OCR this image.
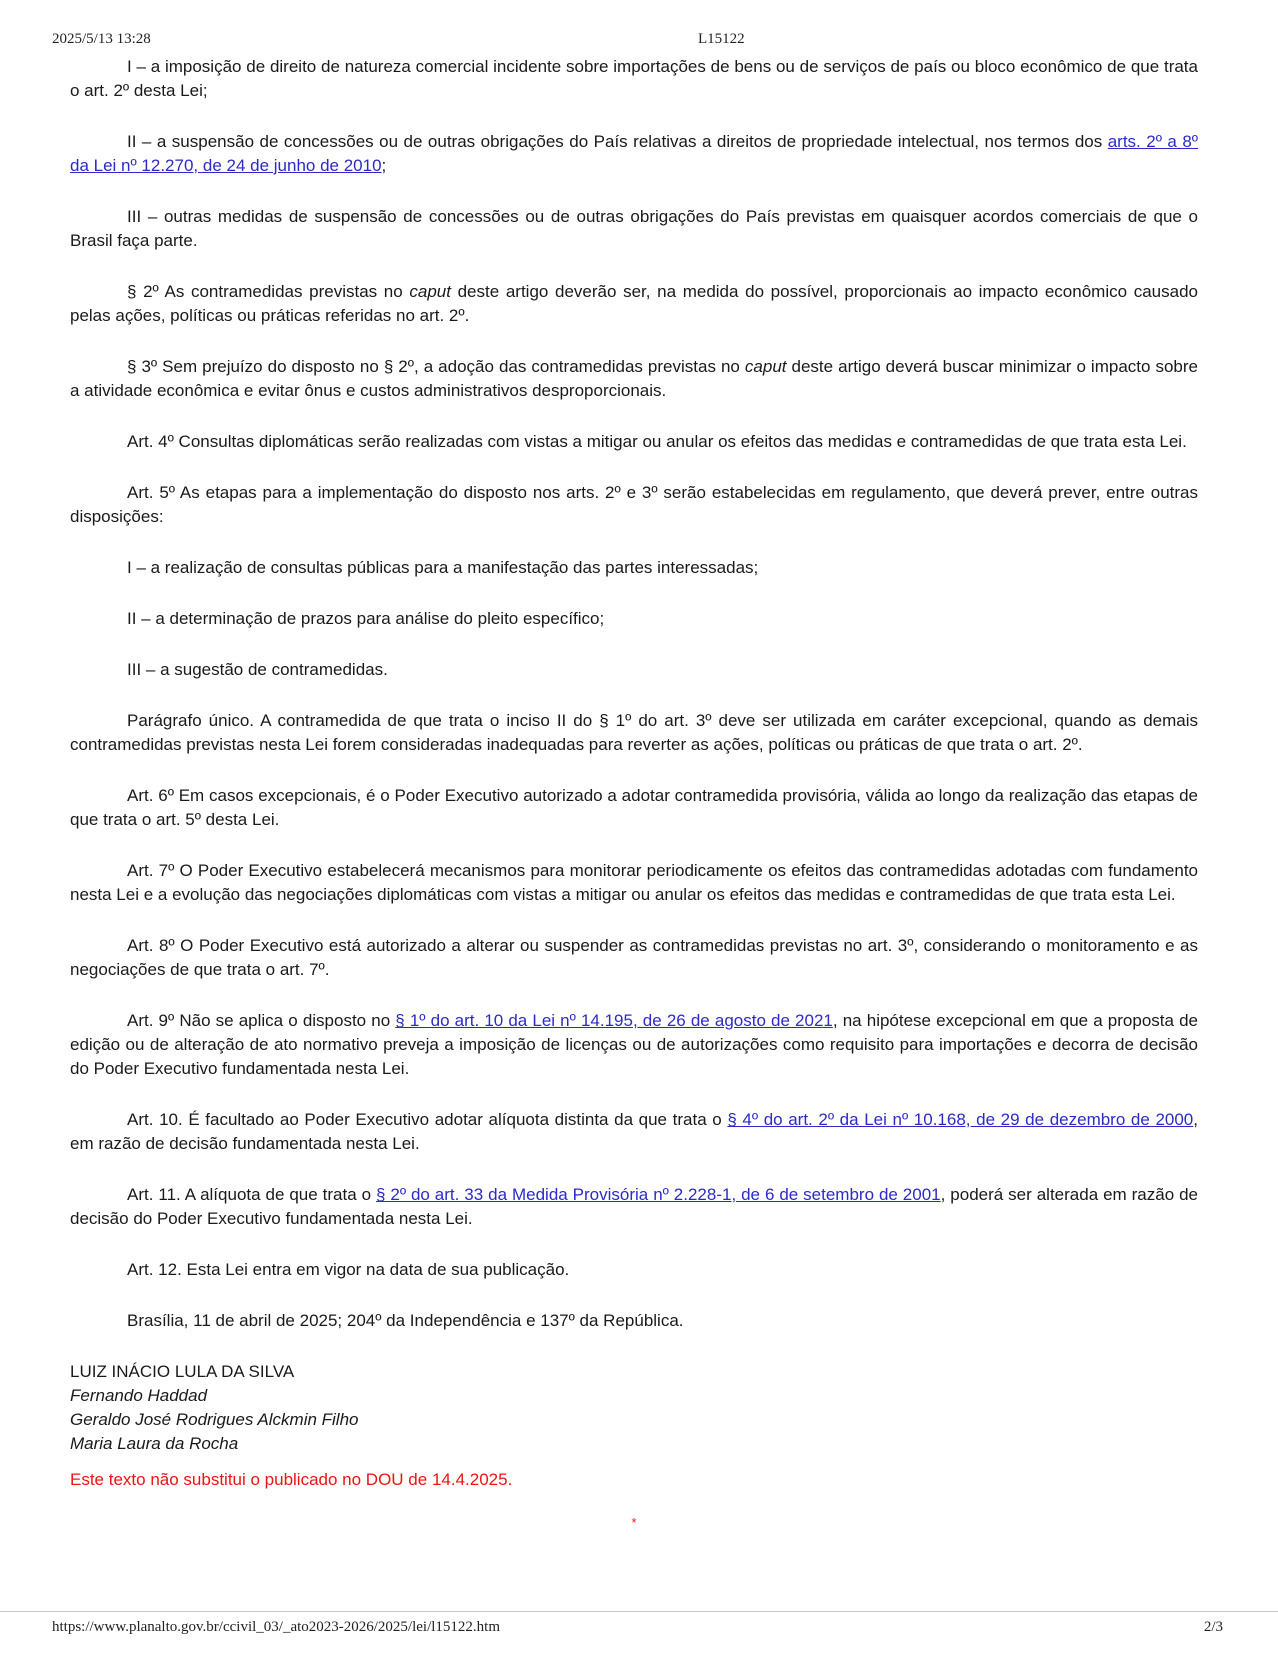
2025/5/13 13:28	L15122

I – a imposição de direito de natureza comercial incidente sobre importações de bens ou de serviços de país ou bloco econômico de que trata o art. 2º desta Lei;

II – a suspensão de concessões ou de outras obrigações do País relativas a direitos de propriedade intelectual, nos termos dos arts. 2º a 8º da Lei nº 12.270, de 24 de junho de 2010;

III – outras medidas de suspensão de concessões ou de outras obrigações do País previstas em quaisquer acordos comerciais de que o Brasil faça parte.

§ 2º As contramedidas previstas no caput deste artigo deverão ser, na medida do possível, proporcionais ao impacto econômico causado pelas ações, políticas ou práticas referidas no art. 2º.

§ 3º Sem prejuízo do disposto no § 2º, a adoção das contramedidas previstas no caput deste artigo deverá buscar minimizar o impacto sobre a atividade econômica e evitar ônus e custos administrativos desproporcionais.

Art. 4º Consultas diplomáticas serão realizadas com vistas a mitigar ou anular os efeitos das medidas e contramedidas de que trata esta Lei.

Art. 5º As etapas para a implementação do disposto nos arts. 2º e 3º serão estabelecidas em regulamento, que deverá prever, entre outras disposições:

I – a realização de consultas públicas para a manifestação das partes interessadas;

II – a determinação de prazos para análise do pleito específico;

III – a sugestão de contramedidas.

Parágrafo único. A contramedida de que trata o inciso II do § 1º do art. 3º deve ser utilizada em caráter excepcional, quando as demais contramedidas previstas nesta Lei forem consideradas inadequadas para reverter as ações, políticas ou práticas de que trata o art. 2º.

Art. 6º Em casos excepcionais, é o Poder Executivo autorizado a adotar contramedida provisória, válida ao longo da realização das etapas de que trata o art. 5º desta Lei.

Art. 7º O Poder Executivo estabelecerá mecanismos para monitorar periodicamente os efeitos das contramedidas adotadas com fundamento nesta Lei e a evolução das negociações diplomáticas com vistas a mitigar ou anular os efeitos das medidas e contramedidas de que trata esta Lei.

Art. 8º O Poder Executivo está autorizado a alterar ou suspender as contramedidas previstas no art. 3º, considerando o monitoramento e as negociações de que trata o art. 7º.

Art. 9º Não se aplica o disposto no § 1º do art. 10 da Lei nº 14.195, de 26 de agosto de 2021, na hipótese excepcional em que a proposta de edição ou de alteração de ato normativo preveja a imposição de licenças ou de autorizações como requisito para importações e decorra de decisão do Poder Executivo fundamentada nesta Lei.

Art. 10. É facultado ao Poder Executivo adotar alíquota distinta da que trata o § 4º do art. 2º da Lei nº 10.168, de 29 de dezembro de 2000, em razão de decisão fundamentada nesta Lei.

Art. 11. A alíquota de que trata o § 2º do art. 33 da Medida Provisória nº 2.228-1, de 6 de setembro de 2001, poderá ser alterada em razão de decisão do Poder Executivo fundamentada nesta Lei.

Art. 12. Esta Lei entra em vigor na data de sua publicação.

Brasília, 11 de abril de 2025; 204º da Independência e 137º da República.

LUIZ INÁCIO LULA DA SILVA
Fernando Haddad
Geraldo José Rodrigues Alckmin Filho
Maria Laura da Rocha
Este texto não substitui o publicado no DOU de 14.4.2025.
*
https://www.planalto.gov.br/ccivil_03/_ato2023-2026/2025/lei/l15122.htm	2/3
